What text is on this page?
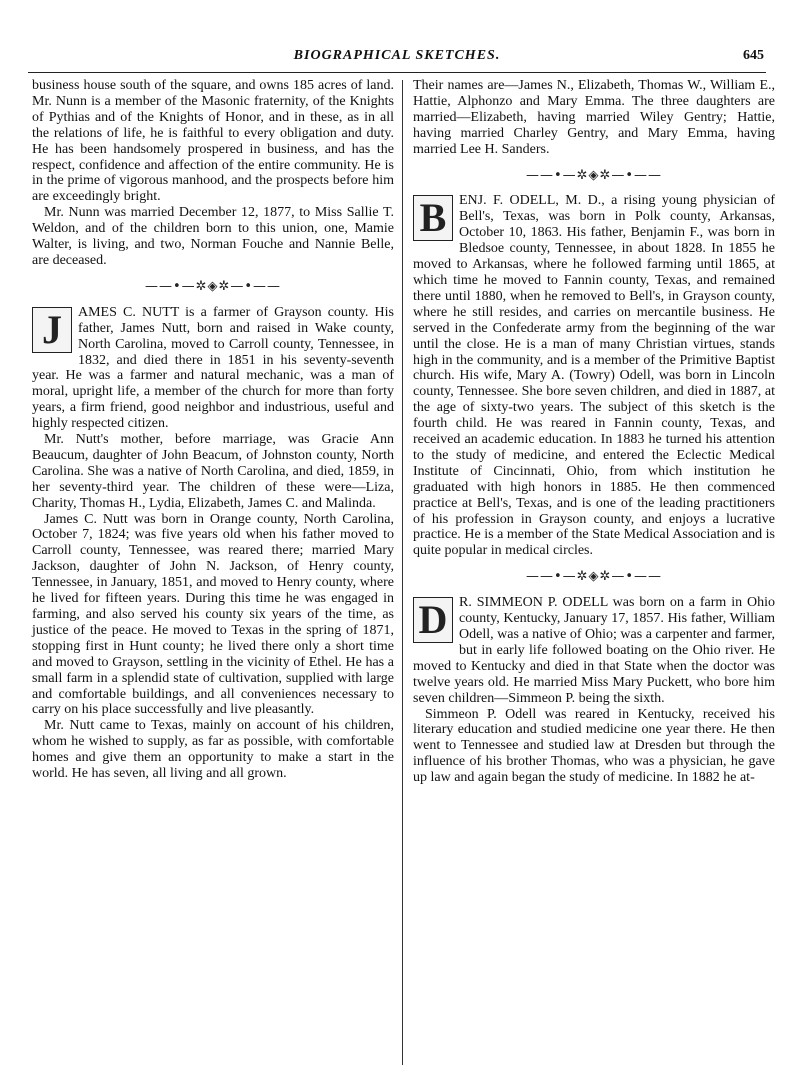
BIOGRAPHICAL SKETCHES.	645

business house south of the square, and owns 185 acres of land. Mr. Nunn is a member of the Masonic fraternity, of the Knights of Pythias and of the Knights of Honor, and in these, as in all the relations of life, he is faithful to every obligation and duty. He has been handsomely prospered in business, and has the respect, confidence and affection of the entire community. He is in the prime of vigorous manhood, and the prospects before him are exceedingly bright.

Mr. Nunn was married December 12, 1877, to Miss Sallie T. Weldon, and of the children born to this union, one, Mamie Walter, is living, and two, Norman Fouche and Nannie Belle, are deceased.

——•—✲◈✲—•——

J	AMES C. NUTT is a farmer of Grayson county. His father, James Nutt, born and raised in Wake county, North Carolina, moved to Carroll county, Tennessee, in 1832, and died there in 1851 in his seventy-seventh year. He was a farmer and natural mechanic, was a man of moral, upright life, a member of the church for more than forty years, a firm friend, good neighbor and industrious, useful and highly respected citizen.

Mr. Nutt's mother, before marriage, was Gracie Ann Beaucum, daughter of John Beacum, of Johnston county, North Carolina. She was a native of North Carolina, and died, 1859, in her seventy-third year. The children of these were—Liza, Charity, Thomas H., Lydia, Elizabeth, James C. and Malinda.

James C. Nutt was born in Orange county, North Carolina, October 7, 1824; was five years old when his father moved to Carroll county, Tennessee, was reared there; married Mary Jackson, daughter of John N. Jackson, of Henry county, Tennessee, in January, 1851, and moved to Henry county, where he lived for fifteen years. During this time he was engaged in farming, and also served his county six years of the time, as justice of the peace. He moved to Texas in the spring of 1871, stopping first in Hunt county; he lived there only a short time and moved to Grayson, settling in the vicinity of Ethel. He has a small farm in a splendid state of cultivation, supplied with large and comfortable buildings, and all conveniences necessary to carry on his place successfully and live pleasantly.

Mr. Nutt came to Texas, mainly on account of his children, whom he wished to supply, as far as possible, with comfortable homes and give them an opportunity to make a start in the world. He has seven, all living and all grown.

Their names are—James N., Elizabeth, Thomas W., William E., Hattie, Alphonzo and Mary Emma. The three daughters are married—Elizabeth, having married Wiley Gentry; Hattie, having married Charley Gentry, and Mary Emma, having married Lee H. Sanders.

——•—✲◈✲—•——

B ENJ. F. ODELL, M. D., a rising young physician of Bell's, Texas, was born in Polk county, Arkansas, October 10, 1863. His father, Benjamin F., was born in Bledsoe county, Tennessee, in about 1828. In 1855 he moved to Arkansas, where he followed farming until 1865, at which time he moved to Fannin county, Texas, and remained there until 1880, when he removed to Bell's, in Grayson county, where he still resides, and carries on mercantile business. He served in the Confederate army from the beginning of the war until the close. He is a man of many Christian virtues, stands high in the community, and is a member of the Primitive Baptist church. His wife, Mary A. (Towry) Odell, was born in Lincoln county, Tennessee. She bore seven children, and died in 1887, at the age of sixty-two years. The subject of this sketch is the fourth child. He was reared in Fannin county, Texas, and received an academic education. In 1883 he turned his attention to the study of medicine, and entered the Eclectic Medical Institute of Cincinnati, Ohio, from which institution he graduated with high honors in 1885. He then commenced practice at Bell's, Texas, and is one of the leading practitioners of his profession in Grayson county, and enjoys a lucrative practice. He is a member of the State Medical Association and is quite popular in medical circles.

——•—✲◈✲—•——

D R. SIMMEON P. ODELL was born on a farm in Ohio county, Kentucky, January 17, 1857. His father, William Odell, was a native of Ohio; was a carpenter and farmer, but in early life followed boating on the Ohio river. He moved to Kentucky and died in that State when the doctor was twelve years old. He married Miss Mary Puckett, who bore him seven children—Simmeon P. being the sixth.

Simmeon P. Odell was reared in Kentucky, received his literary education and studied medicine one year there. He then went to Tennessee and studied law at Dresden but through the influence of his brother Thomas, who was a physician, he gave up law and again began the study of medicine. In 1882 he at-
